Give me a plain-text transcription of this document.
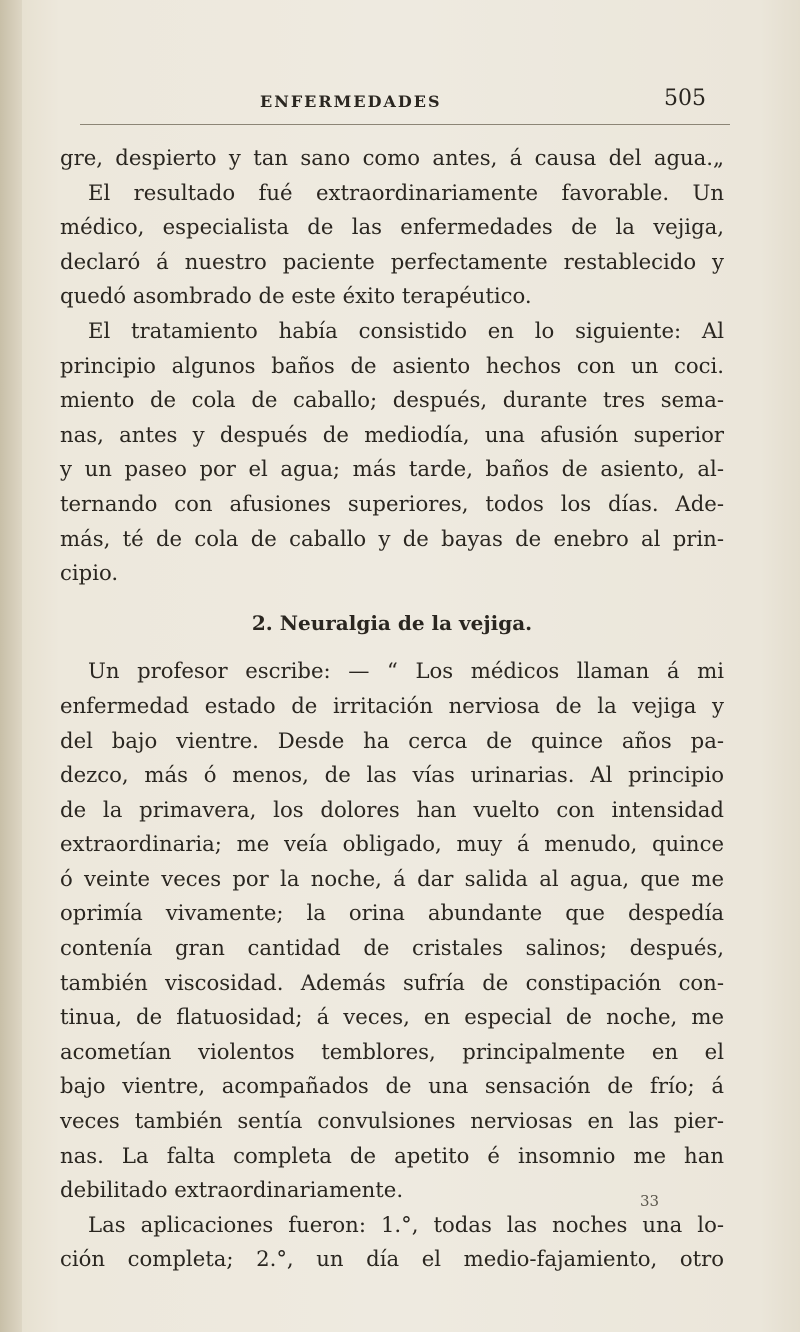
ENFERMEDADES	505
gre, despierto y tan sano como antes, á causa del agua.„
El resultado fué extraordinariamente favorable. Un
médico, especialista de las enfermedades de la vejiga,
declaró á nuestro paciente perfectamente restablecido y
quedó asombrado de este éxito terapéutico.
El tratamiento había consistido en lo siguiente: Al
principio algunos baños de asiento hechos con un coci.
miento de cola de caballo; después, durante tres sema-
nas, antes y después de mediodía, una afusión superior
y un paseo por el agua; más tarde, baños de asiento, al-
ternando con afusiones superiores, todos los días. Ade-
más, té de cola de caballo y de bayas de enebro al prin-
cipio.
2. Neuralgia de la vejiga.
Un profesor escribe: — “ Los médicos llaman á mi
enfermedad estado de irritación nerviosa de la vejiga y
del bajo vientre. Desde ha cerca de quince años pa-
dezco, más ó menos, de las vías urinarias. Al principio
de la primavera, los dolores han vuelto con intensidad
extraordinaria; me veía obligado, muy á menudo, quince
ó veinte veces por la noche, á dar salida al agua, que me
oprimía vivamente; la orina abundante que despedía
contenía gran cantidad de cristales salinos; después,
también viscosidad. Además sufría de constipación con-
tinua, de flatuosidad; á veces, en especial de noche, me
acometían violentos temblores, principalmente en el
bajo vientre, acompañados de una sensación de frío; á
veces también sentía convulsiones nerviosas en las pier-
nas. La falta completa de apetito é insomnio me han
debilitado extraordinariamente.
Las aplicaciones fueron: 1.°, todas las noches una lo-
ción completa; 2.°, un día el medio-fajamiento, otro
33
